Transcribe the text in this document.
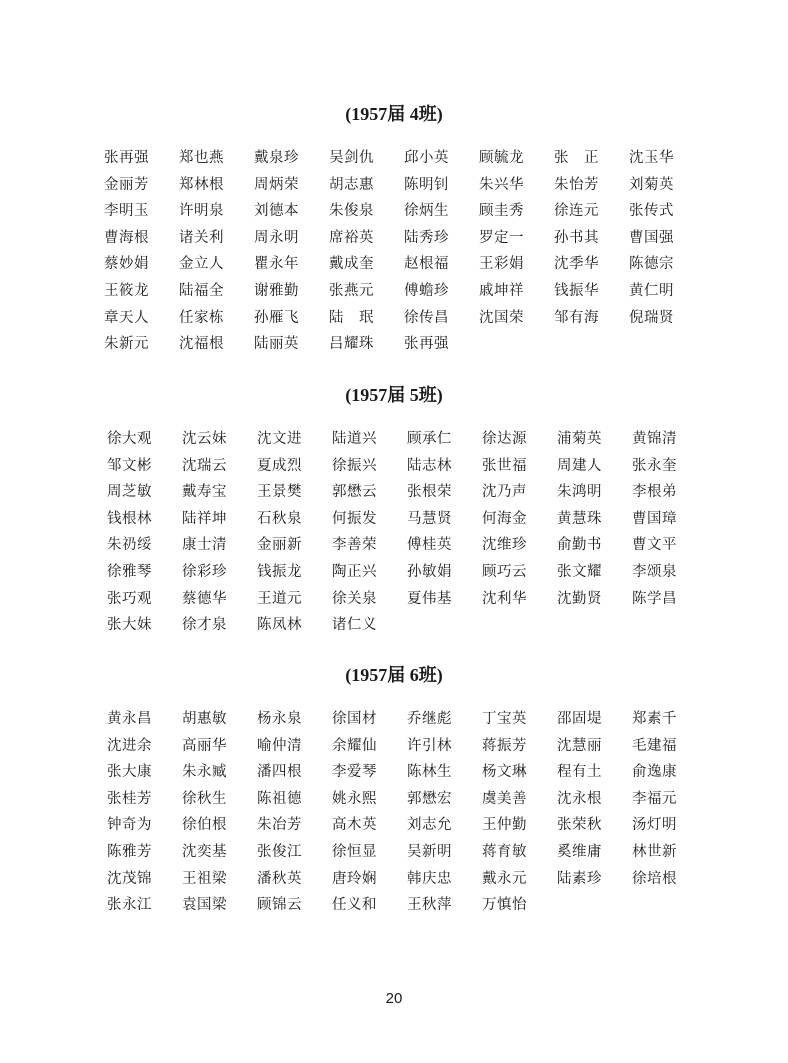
(1957届 4班)
张再强 郑也燕 戴泉珍 吴剑仇 邱小英 顾毓龙 张　正 沈玉华
金丽芳 郑林根 周炳荣 胡志惠 陈明钊 朱兴华 朱怡芳 刘菊英
李明玉 许明泉 刘德本 朱俊泉 徐炳生 顾圭秀 徐连元 张传式
曹海根 诸关利 周永明 席裕英 陆秀珍 罗定一 孙书其 曹国强
蔡妙娟 金立人 瞿永年 戴成奎 赵根福 王彩娟 沈季华 陈德宗
王筱龙 陆福全 谢雅勤 张燕元 傅蟾珍 戚坤祥 钱振华 黄仁明
章天人 任家栋 孙雁飞 陆　珉 徐传昌 沈国荣 邹有海 倪瑞贤
朱新元 沈福根 陆丽英 吕耀珠 张再强
(1957届 5班)
徐大观 沈云妹 沈文进 陆道兴 顾承仁 徐达源 浦菊英 黄锦清
邹文彬 沈瑞云 夏成烈 徐振兴 陆志林 张世福 周建人 张永奎
周芝敏 戴寿宝 王景樊 郭懋云 张根荣 沈乃声 朱鸿明 李根弟
钱根林 陆祥坤 石秋泉 何振发 马慧贤 何海金 黄慧珠 曹国璋
朱礽绥 康士清 金丽新 李善荣 傅桂英 沈维珍 俞勤书 曹文平
徐雅琴 徐彩珍 钱振龙 陶正兴 孙敏娟 顾巧云 张文耀 李颂泉
张巧观 蔡德华 王道元 徐关泉 夏伟基 沈利华 沈勤贤 陈学昌
张大妹 徐才泉 陈凤林 诸仁义
(1957届 6班)
黄永昌 胡惠敏 杨永泉 徐国材 乔继彪 丁宝英 邵固堤 郑素千
沈进余 高丽华 喻仲清 余耀仙 许引林 蒋振芳 沈慧丽 毛建福
张大康 朱永臧 潘四根 李爱琴 陈林生 杨文琳 程有土 俞逸康
张桂芳 徐秋生 陈祖德 姚永熙 郭懋宏 虞美善 沈永根 李福元
钟奇为 徐伯根 朱冶芳 高木英 刘志允 王仲勤 张荣秋 汤灯明
陈雅芳 沈奕基 张俊江 徐恒显 吴新明 蒋育敏 奚维庸 林世新
沈茂锦 王祖梁 潘秋英 唐玲娴 韩庆忠 戴永元 陆素珍 徐培根
张永江 袁国梁 顾锦云 任义和 王秋萍 万慎怡
20
